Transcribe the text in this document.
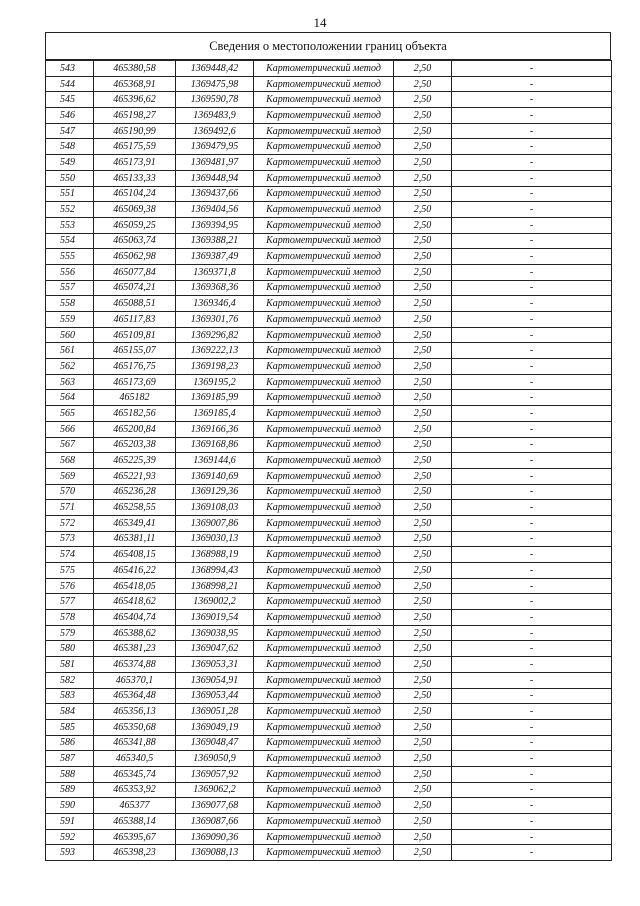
14
Сведения о местоположении границ объекта
543	465380,58	1369448,42	Картометрический метод	2,50	-
544	465368,91	1369475,98	Картометрический метод	2,50	-
545	465396,62	1369590,78	Картометрический метод	2,50	-
546	465198,27	1369483,9	Картометрический метод	2,50	-
547	465190,99	1369492,6	Картометрический метод	2,50	-
548	465175,59	1369479,95	Картометрический метод	2,50	-
549	465173,91	1369481,97	Картометрический метод	2,50	-
550	465133,33	1369448,94	Картометрический метод	2,50	-
551	465104,24	1369437,66	Картометрический метод	2,50	-
552	465069,38	1369404,56	Картометрический метод	2,50	-
553	465059,25	1369394,95	Картометрический метод	2,50	-
554	465063,74	1369388,21	Картометрический метод	2,50	-
555	465062,98	1369387,49	Картометрический метод	2,50	-
556	465077,84	1369371,8	Картометрический метод	2,50	-
557	465074,21	1369368,36	Картометрический метод	2,50	-
558	465088,51	1369346,4	Картометрический метод	2,50	-
559	465117,83	1369301,76	Картометрический метод	2,50	-
560	465109,81	1369296,82	Картометрический метод	2,50	-
561	465155,07	1369222,13	Картометрический метод	2,50	-
562	465176,75	1369198,23	Картометрический метод	2,50	-
563	465173,69	1369195,2	Картометрический метод	2,50	-
564	465182	1369185,99	Картометрический метод	2,50	-
565	465182,56	1369185,4	Картометрический метод	2,50	-
566	465200,84	1369166,36	Картометрический метод	2,50	-
567	465203,38	1369168,86	Картометрический метод	2,50	-
568	465225,39	1369144,6	Картометрический метод	2,50	-
569	465221,93	1369140,69	Картометрический метод	2,50	-
570	465236,28	1369129,36	Картометрический метод	2,50	-
571	465258,55	1369108,03	Картометрический метод	2,50	-
572	465349,41	1369007,86	Картометрический метод	2,50	-
573	465381,11	1369030,13	Картометрический метод	2,50	-
574	465408,15	1368988,19	Картометрический метод	2,50	-
575	465416,22	1368994,43	Картометрический метод	2,50	-
576	465418,05	1368998,21	Картометрический метод	2,50	-
577	465418,62	1369002,2	Картометрический метод	2,50	-
578	465404,74	1369019,54	Картометрический метод	2,50	-
579	465388,62	1369038,95	Картометрический метод	2,50	-
580	465381,23	1369047,62	Картометрический метод	2,50	-
581	465374,88	1369053,31	Картометрический метод	2,50	-
582	465370,1	1369054,91	Картометрический метод	2,50	-
583	465364,48	1369053,44	Картометрический метод	2,50	-
584	465356,13	1369051,28	Картометрический метод	2,50	-
585	465350,68	1369049,19	Картометрический метод	2,50	-
586	465341,88	1369048,47	Картометрический метод	2,50	-
587	465340,5	1369050,9	Картометрический метод	2,50	-
588	465345,74	1369057,92	Картометрический метод	2,50	-
589	465353,92	1369062,2	Картометрический метод	2,50	-
590	465377	1369077,68	Картометрический метод	2,50	-
591	465388,14	1369087,66	Картометрический метод	2,50	-
592	465395,67	1369090,36	Картометрический метод	2,50	-
593	465398,23	1369088,13	Картометрический метод	2,50	-
